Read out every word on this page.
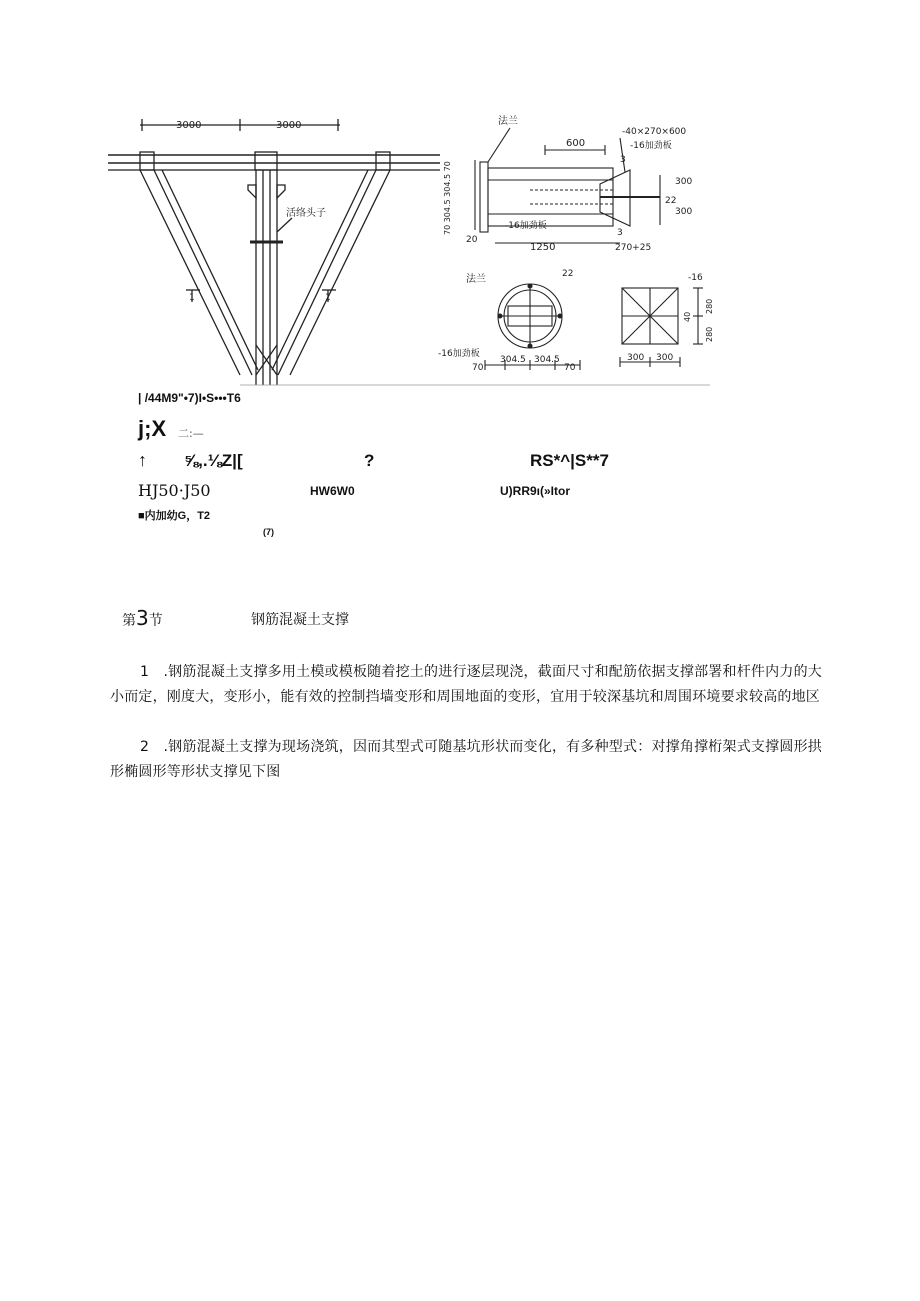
3000	3000
活络头子
1	1
法兰
600
-40×270×600
-16加劲板
3
300
300
22
70 304.5 304.5 70	-16加劲板
20
1250
3
270+25
法兰	22
-16加劲板
70
304.5 304.5
70
-16
280
40
280
300 300
| /44M9"•7)I•S•••T6
j;X 二:—
↑ ⅝,.⅛Z|[	?	RS*^|S**7
HJ50·J50	HW6W0	U)RR9ı(»Itor
■内加幼G，T2
(7)
第3节	钢筋混凝土支撑

1  .钢筋混凝土支撑多用土模或模板随着挖土的进行逐层现浇，截面尺寸和配筋依据支撑部署和杆件内力的大小而定，刚度大，变形小，能有效的控制挡墙变形和周围地面的变形，宜用于较深基坑和周围环境要求较高的地区

2  .钢筋混凝土支撑为现场浇筑，因而其型式可随基坑形状而变化，有多种型式：对撑角撑桁架式支撑圆形拱形椭圆形等形状支撑见下图
